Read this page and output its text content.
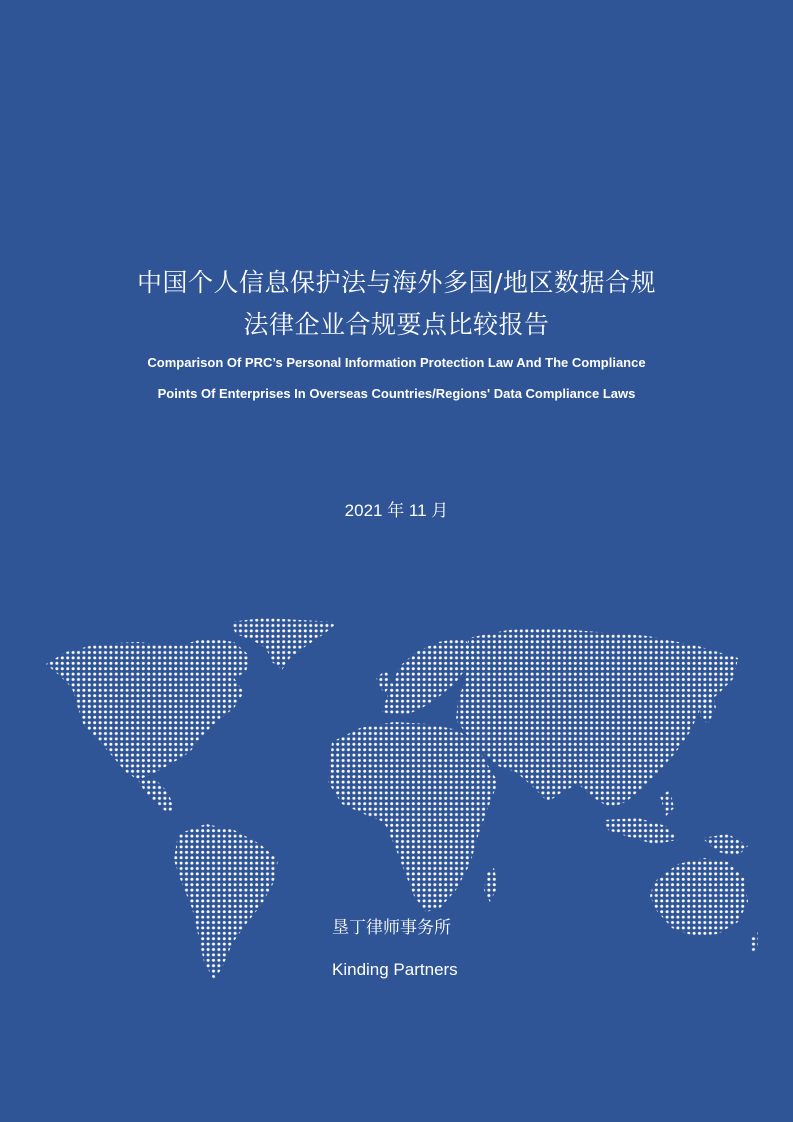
中国个人信息保护法与海外多国/地区数据合规
法律企业合规要点比较报告
Comparison Of PRC’s Personal Information Protection Law And The Compliance
Points Of Enterprises In Overseas Countries/Regions' Data Compliance Laws
2021 年 11 月
垦丁律师事务所
Kinding Partners
